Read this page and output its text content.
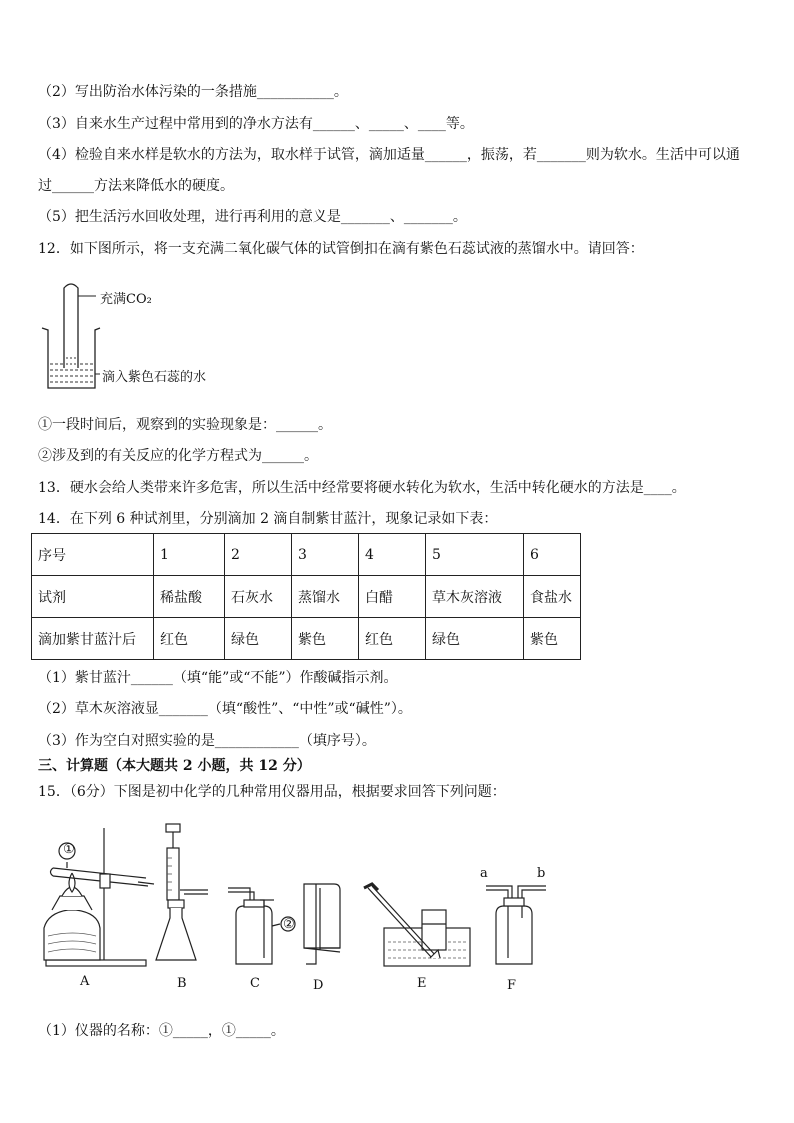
（2）写出防治水体污染的一条措施___________。
（3）自来水生产过程中常用到的净水方法有______、_____、____等。
（4）检验自来水样是软水的方法为，取水样于试管，滴加适量______，振荡，若_______则为软水。生活中可以通
过______方法来降低水的硬度。
（5）把生活污水回收处理，进行再利用的意义是_______、_______。
12．如下图所示，将一支充满二氧化碳气体的试管倒扣在滴有紫色石蕊试液的蒸馏水中。请回答：
充满CO₂
滴入紫色石蕊的水
①一段时间后，观察到的实验现象是：______。
②涉及到的有关反应的化学方程式为______。
13．硬水会给人类带来许多危害，所以生活中经常要将硬水转化为软水，生活中转化硬水的方法是____。
14．在下列 6 种试剂里，分别滴加 2 滴自制紫甘蓝汁，现象记录如下表：
序号	1	2	3	4	5	6
试剂	稀盐酸	石灰水	蒸馏水	白醋	草木灰溶液	食盐水
滴加紫甘蓝汁后	红色	绿色	紫色	红色	绿色	紫色
（1）紫甘蓝汁______（填“能”或“不能”）作酸碱指示剂。
（2）草木灰溶液显_______（填“酸性”、“中性”或“碱性”）。
（3）作为空白对照实验的是____________（填序号）。
三、计算题（本大题共 2 小题，共 12 分）
15．（6分）下图是初中化学的几种常用仪器用品，根据要求回答下列问题：
①
②
a	b
A	B	C	D	E	F
（1）仪器的名称：①_____，①_____。
